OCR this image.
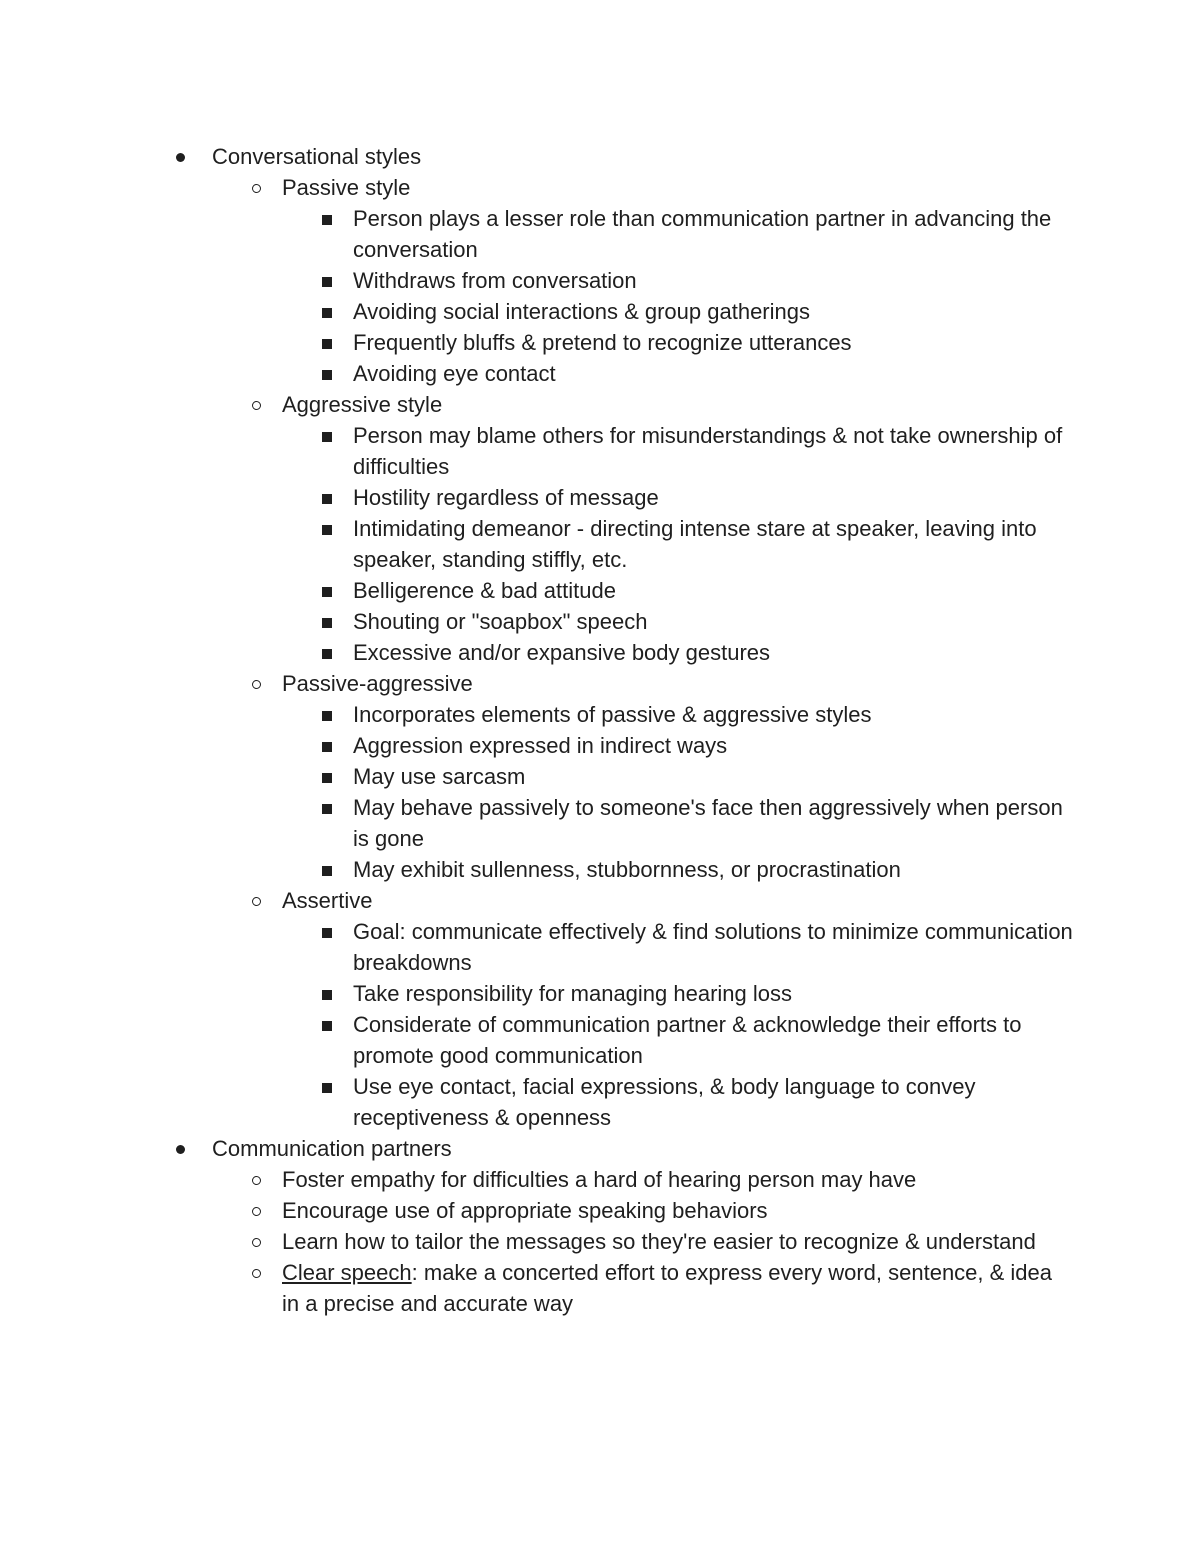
Conversational styles
Passive style
Person plays a lesser role than communication partner in advancing the conversation
Withdraws from conversation
Avoiding social interactions & group gatherings
Frequently bluffs & pretend to recognize utterances
Avoiding eye contact
Aggressive style
Person may blame others for misunderstandings & not take ownership of difficulties
Hostility regardless of message
Intimidating demeanor - directing intense stare at speaker, leaving into speaker, standing stiffly, etc.
Belligerence & bad attitude
Shouting or "soapbox" speech
Excessive and/or expansive body gestures
Passive-aggressive
Incorporates elements of passive & aggressive styles
Aggression expressed in indirect ways
May use sarcasm
May behave passively to someone's face then aggressively when person is gone
May exhibit sullenness, stubbornness, or procrastination
Assertive
Goal: communicate effectively & find solutions to minimize communication breakdowns
Take responsibility for managing hearing loss
Considerate of communication partner & acknowledge their efforts to promote good communication
Use eye contact, facial expressions, & body language to convey receptiveness & openness
Communication partners
Foster empathy for difficulties a hard of hearing person may have
Encourage use of appropriate speaking behaviors
Learn how to tailor the messages so they're easier to recognize & understand
Clear speech: make a concerted effort to express every word, sentence, & idea in a precise and accurate way
